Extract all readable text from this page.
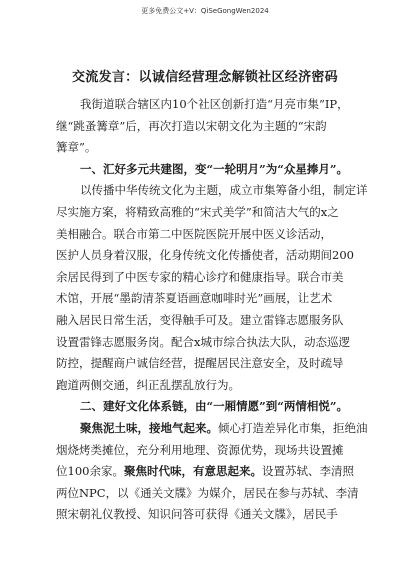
更多免费公文+V：QiSeGongWen2024
交流发言：以诚信经营理念解锁社区经济密码
我街道联合辖区内10个社区创新打造“月亮市集”IP，
继“跳蚤篝章”后，再次打造以宋朝文化为主题的“宋韵
篝章”。
一、汇好多元共建图，变“一轮明月”为“众星捧月”。
以传播中华传统文化为主题，成立市集筹备小组，制定详
尽实施方案，将精致高雅的“宋式美学”和简洁大气的x之
美相融合。联合市第二中医院医院开展中医义诊活动，
医护人员身着汉服，化身传统文化传播使者，活动期间200
余居民得到了中医专家的精心诊疗和健康指导。联合市美
术馆，开展“墨韵清茶夏语画意咖啡时光”画展，让艺术
融入居民日常生活，变得触手可及。建立雷锋志愿服务队
设置雷锋志愿服务岗。配合x城市综合执法大队，动态巡逻
防控，提醒商户诚信经营，提醒居民注意安全，及时疏导
跑道两侧交通，纠正乱摆乱放行为。
二、建好文化体系链，由“一厢情愿”到“两情相悦”。
聚焦泥土味，接地气起来。倾心打造差异化市集，拒绝油
烟烧烤类摊位，充分利用地理、资源优势，现场共设置摊
位100余家。聚焦时代味，有意思起来。设置苏轼、李清照
两位NPC，以《通关文牒》为媒介，居民在参与苏轼、李清
照宋朝礼仪教授、知识问答可获得《通关文牒》，居民手
